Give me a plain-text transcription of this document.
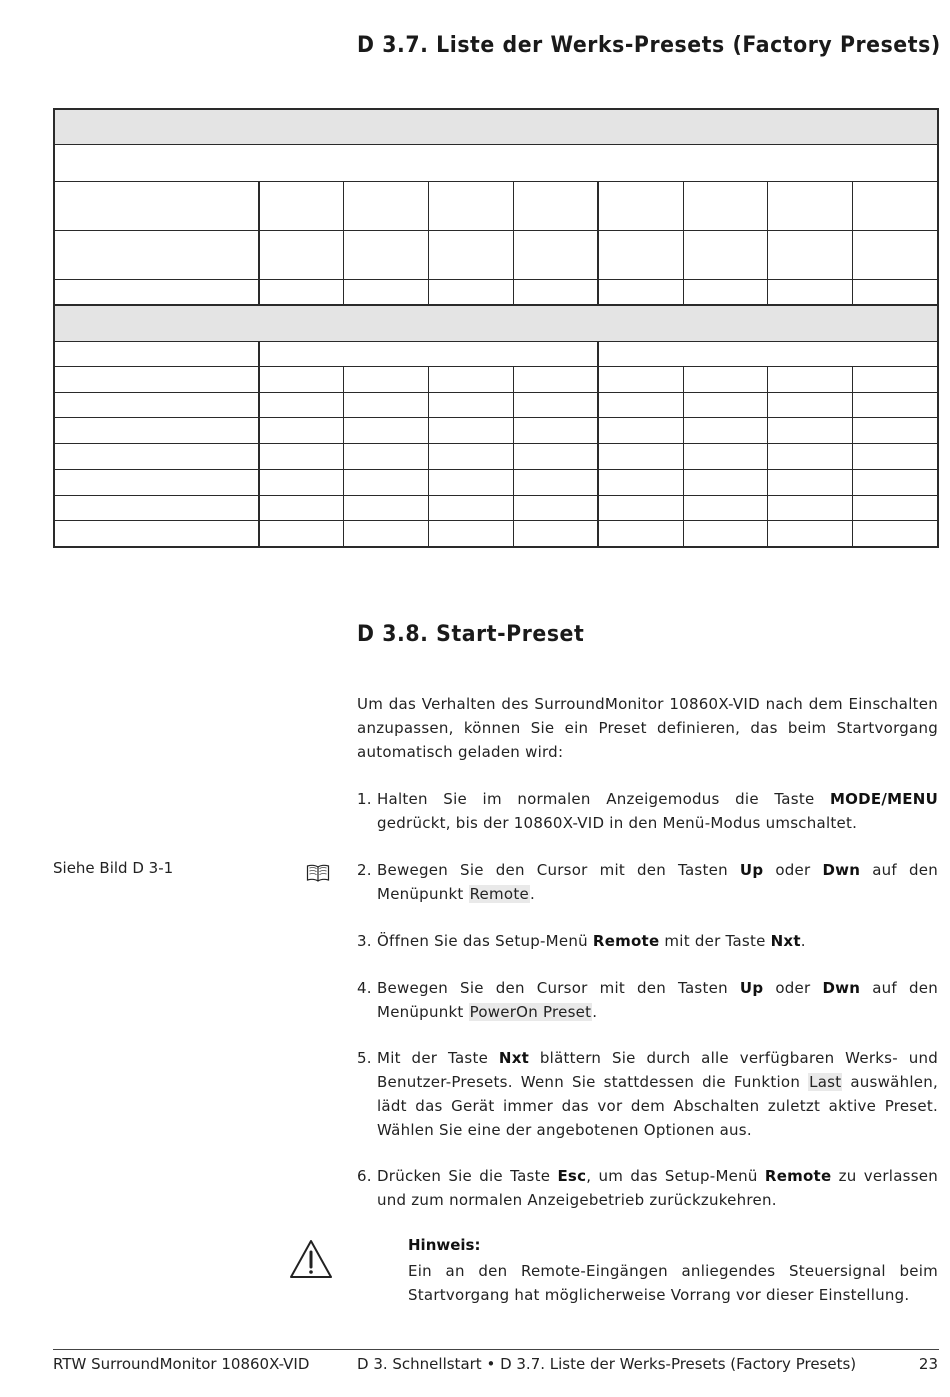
D 3.7. Liste der Werks-Presets (Factory Presets)
D 3.8. Start-Preset

Um das Verhalten des SurroundMonitor 10860X-VID nach dem Einschalten anzupassen, können Sie ein Preset definieren, das beim Startvorgang automatisch geladen wird:

Siehe Bild D 3-1
1. Halten Sie im normalen Anzeigemodus die Taste MODE/MENU gedrückt, bis der 10860X-VID in den Menü-Modus umschaltet.
2. Bewegen Sie den Cursor mit den Tasten Up oder Dwn auf den Menüpunkt Remote.
3. Öffnen Sie das Setup-Menü Remote mit der Taste Nxt.
4. Bewegen Sie den Cursor mit den Tasten Up oder Dwn auf den Menüpunkt PowerOn Preset.
5. Mit der Taste Nxt blättern Sie durch alle verfügbaren Werks- und Benutzer-Presets. Wenn Sie stattdessen die Funktion Last auswählen, lädt das Gerät immer das vor dem Abschalten zuletzt aktive Preset. Wählen Sie eine der angebotenen Optionen aus.
6. Drücken Sie die Taste Esc, um das Setup-Menü Remote zu verlassen und zum normalen Anzeigebetrieb zurückzukehren.
Hinweis:
Ein an den Remote-Eingängen anliegendes Steuersignal beim Startvorgang hat möglicherweise Vorrang vor dieser Einstellung.
RTW SurroundMonitor 10860X-VID	D 3. Schnellstart • D 3.7. Liste der Werks-Presets (Factory Presets)	23
